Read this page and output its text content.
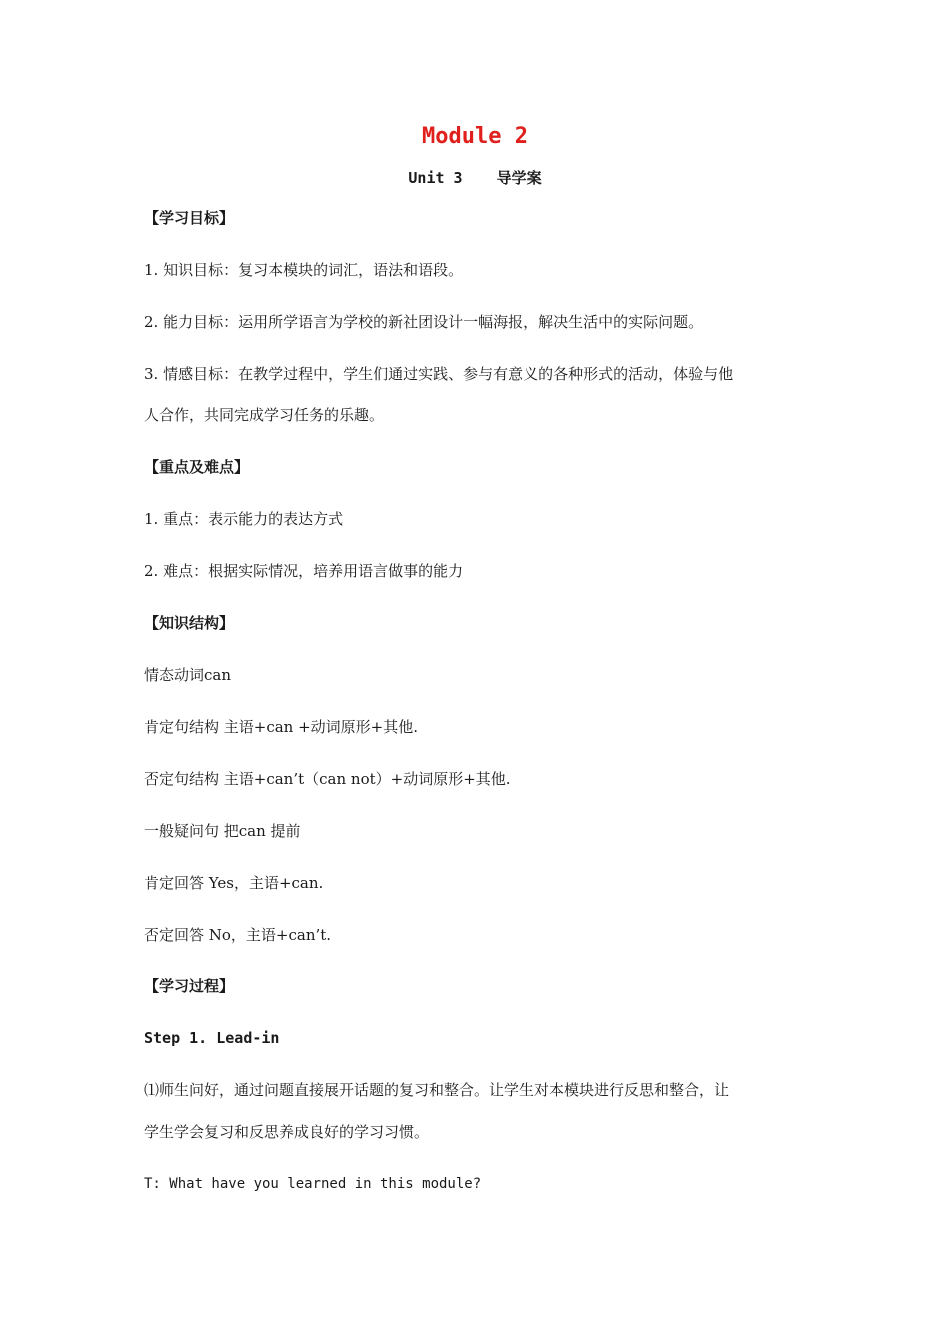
Module 2
Unit 3 导学案
【学习目标】
1. 知识目标：复习本模块的词汇，语法和语段。
2. 能力目标：运用所学语言为学校的新社团设计一幅海报，解决生活中的实际问题。
3. 情感目标：在教学过程中，学生们通过实践、参与有意义的各种形式的活动，体验与他
人合作，共同完成学习任务的乐趣。
【重点及难点】
1. 重点：表示能力的表达方式
2. 难点：根据实际情况，培养用语言做事的能力
【知识结构】
情态动词can
肯定句结构 主语+can +动词原形+其他.
否定句结构 主语+can’t（can not）+动词原形+其他.
一般疑问句 把can 提前
肯定回答 Yes，主语+can.
否定回答 No，主语+can’t.
【学习过程】
Step 1. Lead-in
⑴师生问好，通过问题直接展开话题的复习和整合。让学生对本模块进行反思和整合，让
学生学会复习和反思养成良好的学习习惯。
T: What have you learned in this module?
